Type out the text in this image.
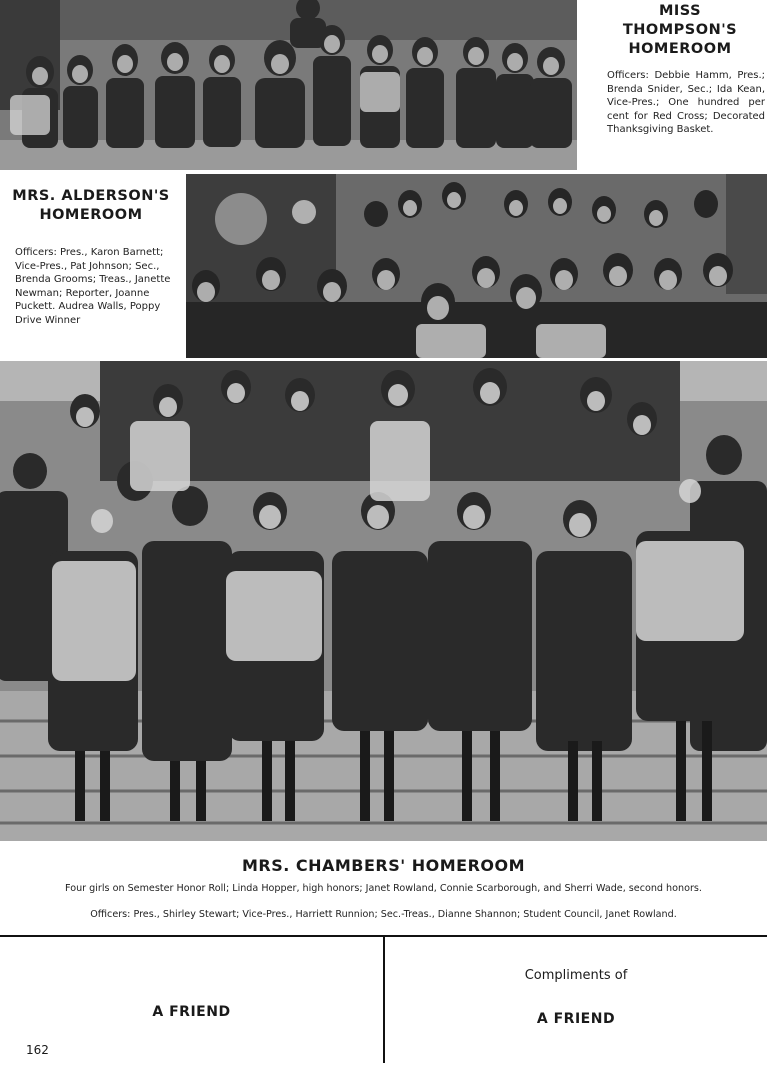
MISS
THOMPSON'S
HOMEROOM
Officers: Debbie Hamm, Pres.; Brenda Snider, Sec.; Ida Kean, Vice-Pres.; One hundred per cent for Red Cross; Decorated Thanksgiving Basket.
MRS. ALDERSON'S
HOMEROOM
Officers: Pres., Karon Barnett; Vice-Pres., Pat Johnson; Sec., Brenda Grooms; Treas., Janette Newman; Reporter, Joanne Puckett. Audrea Walls, Poppy Drive Winner
MRS. CHAMBERS' HOMEROOM
Four girls on Semester Honor Roll; Linda Hopper, high honors; Janet Rowland, Connie Scarborough, and Sherri Wade, second honors.
Officers: Pres., Shirley Stewart; Vice-Pres., Harriett Runnion; Sec.-Treas., Dianne Shannon; Student Council, Janet Rowland.
A FRIEND
Compliments of
A FRIEND
162
